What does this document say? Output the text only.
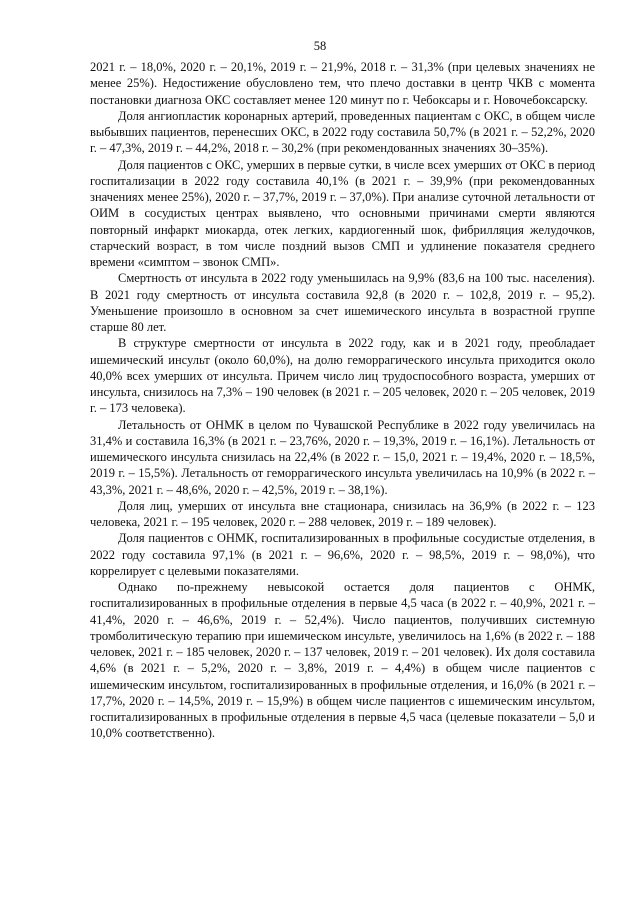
58

2021 г. – 18,0%, 2020 г. – 20,1%, 2019 г. – 21,9%, 2018 г. – 31,3% (при целевых значениях не менее 25%). Недостижение обусловлено тем, что плечо доставки в центр ЧКВ с момента постановки диагноза ОКС составляет менее 120 минут по г. Чебоксары и г. Новочебоксарску.

Доля ангиопластик коронарных артерий, проведенных пациентам с ОКС, в общем числе выбывших пациентов, перенесших ОКС, в 2022 году составила 50,7% (в 2021 г. – 52,2%, 2020 г. – 47,3%, 2019 г. – 44,2%, 2018 г. – 30,2% (при рекомендованных значениях 30–35%).

Доля пациентов с ОКС, умерших в первые сутки, в числе всех умерших от ОКС в период госпитализации в 2022 году составила 40,1% (в 2021 г. – 39,9% (при рекомендованных значениях менее 25%), 2020 г. – 37,7%, 2019 г. – 37,0%). При анализе суточной летальности от ОИМ в сосудистых центрах выявлено, что основными причинами смерти являются повторный инфаркт миокарда, отек легких, кардиогенный шок, фибрилляция желудочков, старческий возраст, в том числе поздний вызов СМП и удлинение показателя среднего времени «симптом – звонок СМП».

Смертность от инсульта в 2022 году уменьшилась на 9,9% (83,6 на 100 тыс. населения). В 2021 году смертность от инсульта составила 92,8 (в 2020 г. – 102,8, 2019 г. – 95,2). Уменьшение произошло в основном за счет ишемического инсульта в возрастной группе старше 80 лет.

В структуре смертности от инсульта в 2022 году, как и в 2021 году, преобладает ишемический инсульт (около 60,0%), на долю геморрагического инсульта приходится около 40,0% всех умерших от инсульта. Причем число лиц трудоспособного возраста, умерших от инсульта, снизилось на 7,3% – 190 человек (в 2021 г. – 205 человек, 2020 г. – 205 человек, 2019 г. – 173 человека).

Летальность от ОНМК в целом по Чувашской Республике в 2022 году увеличилась на 31,4% и составила 16,3% (в 2021 г. – 23,76%, 2020 г. – 19,3%, 2019 г. – 16,1%). Летальность от ишемического инсульта снизилась на 22,4% (в 2022 г. – 15,0, 2021 г. – 19,4%, 2020 г. – 18,5%, 2019 г. – 15,5%). Летальность от геморрагического инсульта увеличилась на 10,9% (в 2022 г. – 43,3%, 2021 г. – 48,6%, 2020 г. – 42,5%, 2019 г. – 38,1%).

Доля лиц, умерших от инсульта вне стационара, снизилась на 36,9% (в 2022 г. – 123 человека, 2021 г. – 195 человек, 2020 г. – 288 человек, 2019 г. – 189 человек).

Доля пациентов с ОНМК, госпитализированных в профильные сосудистые отделения, в 2022 году составила 97,1% (в 2021 г. – 96,6%, 2020 г. – 98,5%, 2019 г. – 98,0%), что коррелирует с целевыми показателями.

Однако по-прежнему невысокой остается доля пациентов с ОНМК, госпитализированных в профильные отделения в первые 4,5 часа (в 2022 г. – 40,9%, 2021 г. – 41,4%, 2020 г. – 46,6%, 2019 г. – 52,4%). Число пациентов, получивших системную тромболитическую терапию при ишемическом инсульте, увеличилось на 1,6% (в 2022 г. – 188 человек, 2021 г. – 185 человек, 2020 г. – 137 человек, 2019 г. – 201 человек). Их доля составила 4,6% (в 2021 г. – 5,2%, 2020 г. – 3,8%, 2019 г. – 4,4%) в общем числе пациентов с ишемическим инсультом, госпитализированных в профильные отделения, и 16,0% (в 2021 г. – 17,7%, 2020 г. – 14,5%, 2019 г. – 15,9%) в общем числе пациентов с ишемическим инсультом, госпитализированных в профильные отделения в первые 4,5 часа (целевые показатели – 5,0 и 10,0% соответственно).
